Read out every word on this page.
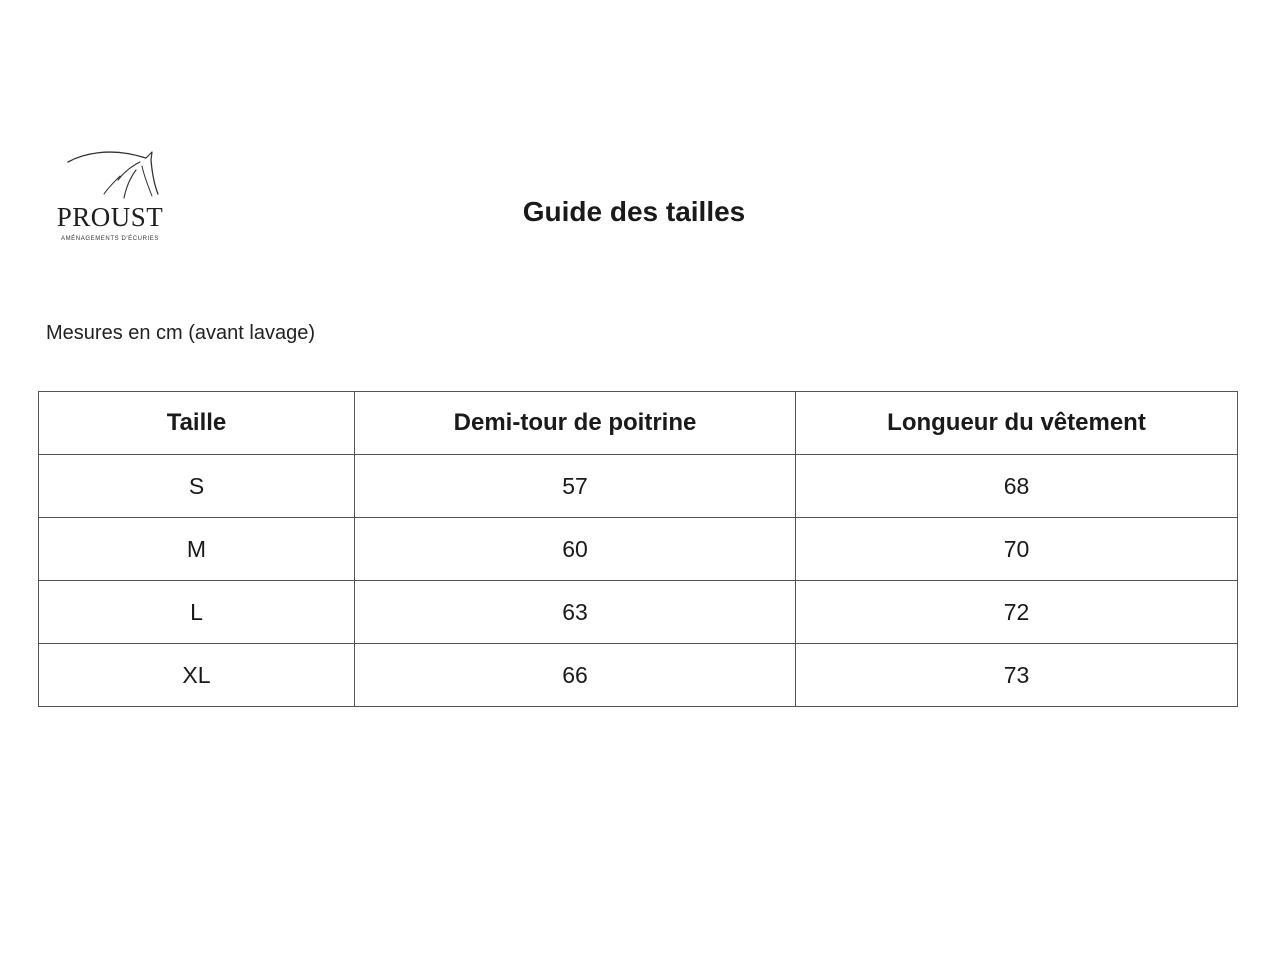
PROUST
AMÉNAGEMENTS D'ÉCURIES
Guide des tailles
Mesures en cm (avant lavage)
Taille	Demi-tour de poitrine	Longueur du vêtement
S	57	68
M	60	70
L	63	72
XL	66	73
